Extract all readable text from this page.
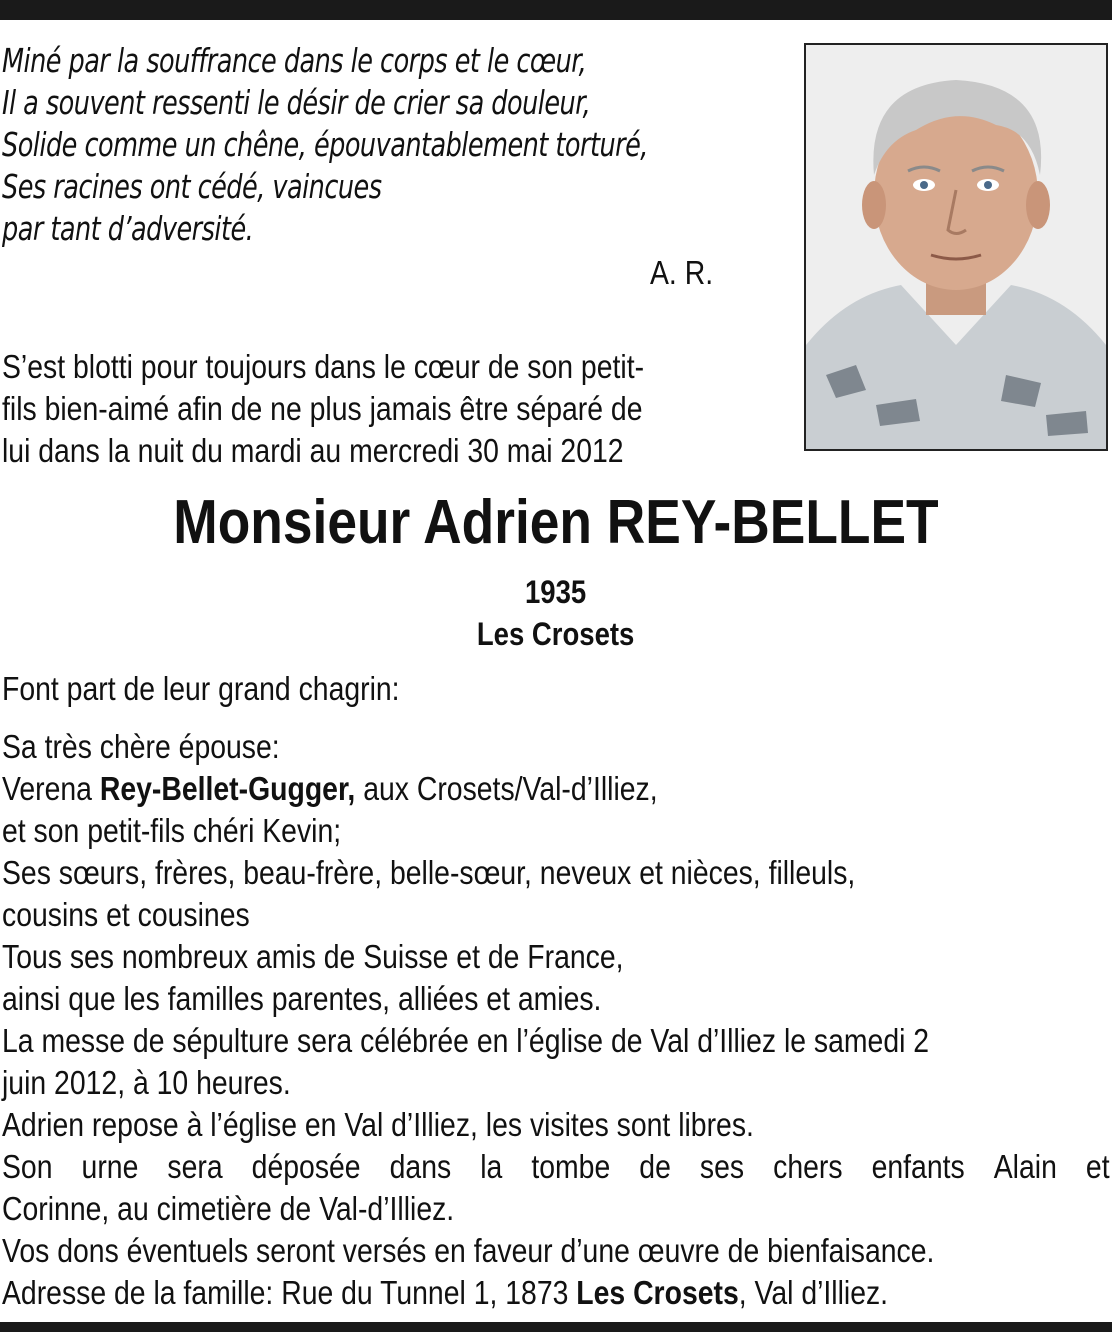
Miné par la souffrance dans le corps et le cœur,
Il a souvent ressenti le désir de crier sa douleur,
Solide comme un chêne, épouvantablement torturé,
Ses racines ont cédé, vaincues
par tant d’adversité.
A. R.
S’est blotti pour toujours dans le cœur de son petit-
fils bien-aimé afin de ne plus jamais être séparé de
lui dans la nuit du mardi au mercredi 30 mai 2012
Monsieur Adrien REY-BELLET
1935
Les Crosets
Font part de leur grand chagrin:
Sa très chère épouse:
Verena Rey-Bellet-Gugger, aux Crosets/Val-d’Illiez,
et son petit-fils chéri Kevin;
Ses sœurs, frères, beau-frère, belle-sœur, neveux et nièces, filleuls,
cousins et cousines
Tous ses nombreux amis de Suisse et de France,
ainsi que les familles parentes, alliées et amies.
La messe de sépulture sera célébrée en l’église de Val d’Illiez le samedi 2
juin 2012, à 10 heures.
Adrien repose à l’église en Val d’Illiez, les visites sont libres.
Son urne sera déposée dans la tombe de ses chers enfants Alain et
Corinne, au cimetière de Val-d’Illiez.
Vos dons éventuels seront versés en faveur d’une œuvre de bienfaisance.
Adresse de la famille: Rue du Tunnel 1, 1873 Les Crosets, Val d’Illiez.
